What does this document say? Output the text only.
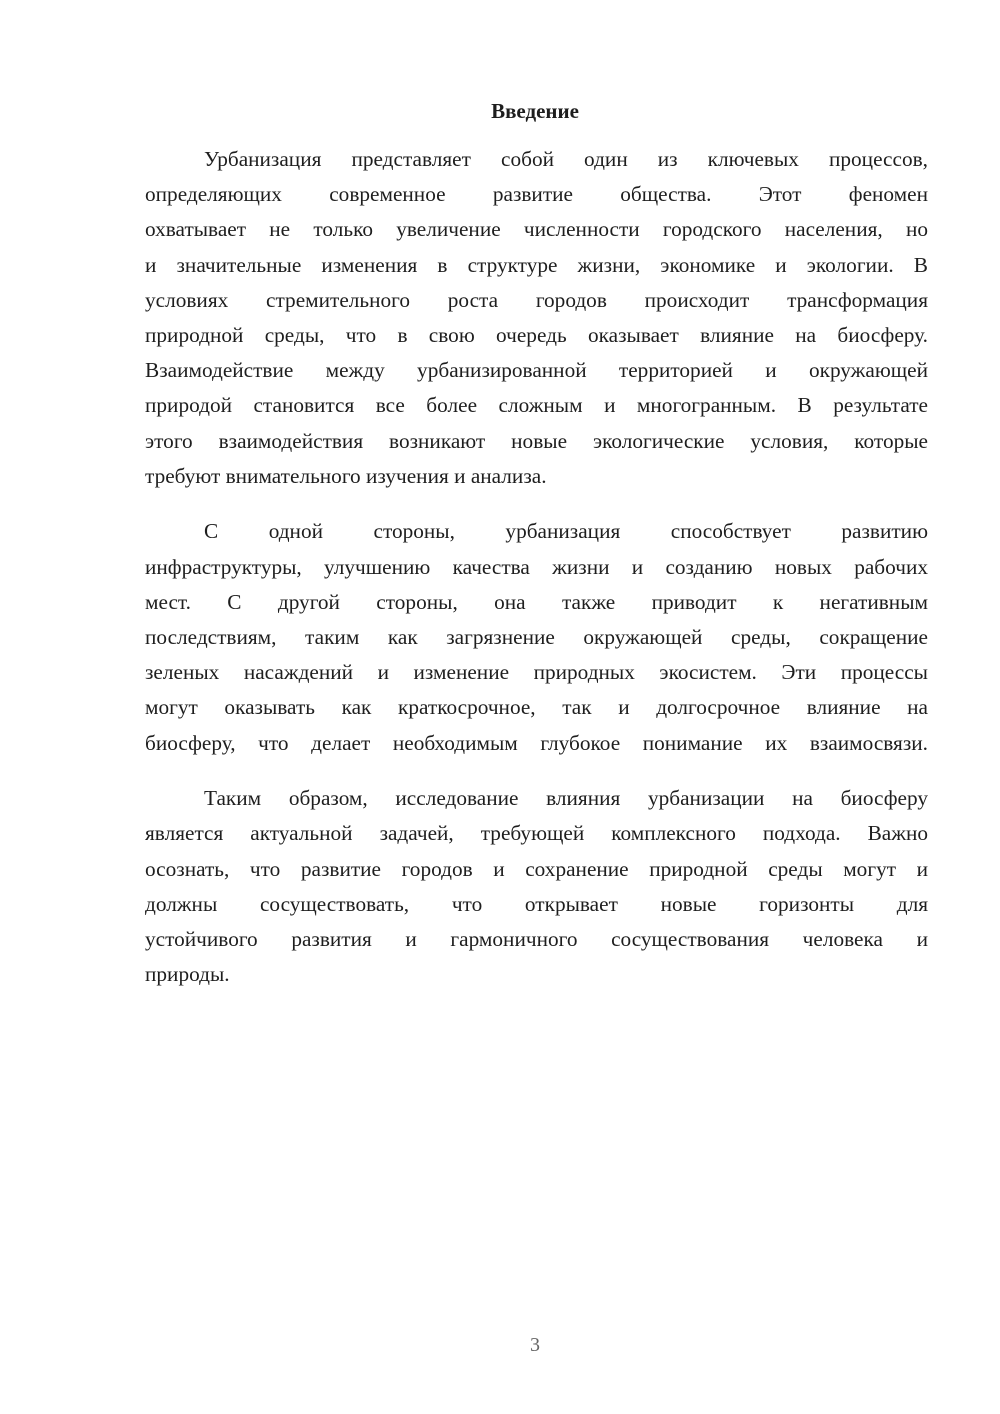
Введение
Урбанизация представляет собой один из ключевых процессов,
определяющих современное развитие общества. Этот феномен
охватывает не только увеличение численности городского населения, но
и значительные изменения в структуре жизни, экономике и экологии. В
условиях стремительного роста городов происходит трансформация
природной среды, что в свою очередь оказывает влияние на биосферу.
Взаимодействие между урбанизированной территорией и окружающей
природой становится все более сложным и многогранным. В результате
этого взаимодействия возникают новые экологические условия, которые
требуют внимательного изучения и анализа.
С одной стороны, урбанизация способствует развитию
инфраструктуры, улучшению качества жизни и созданию новых рабочих
мест. С другой стороны, она также приводит к негативным
последствиям, таким как загрязнение окружающей среды, сокращение
зеленых насаждений и изменение природных экосистем. Эти процессы
могут оказывать как краткосрочное, так и долгосрочное влияние на
биосферу, что делает необходимым глубокое понимание их взаимосвязи.
Таким образом, исследование влияния урбанизации на биосферу
является актуальной задачей, требующей комплексного подхода. Важно
осознать, что развитие городов и сохранение природной среды могут и
должны сосуществовать, что открывает новые горизонты для
устойчивого развития и гармоничного сосуществования человека и
природы.
3
